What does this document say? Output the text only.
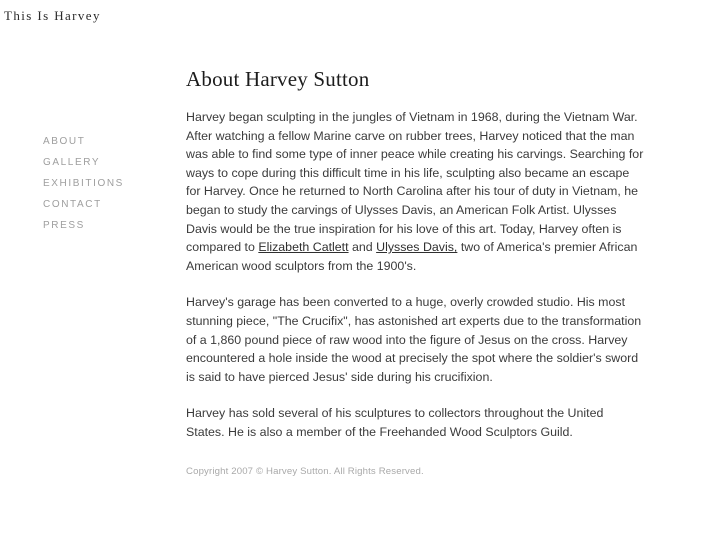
This Is Harvey
ABOUT
GALLERY
EXHIBITIONS
CONTACT
PRESS
About Harvey Sutton

Harvey began sculpting in the jungles of Vietnam in 1968, during the Vietnam War. After watching a fellow Marine carve on rubber trees, Harvey noticed that the man was able to find some type of inner peace while creating his carvings. Searching for ways to cope during this difficult time in his life, sculpting also became an escape for Harvey. Once he returned to North Carolina after his tour of duty in Vietnam, he began to study the carvings of Ulysses Davis, an American Folk Artist. Ulysses Davis would be the true inspiration for his love of this art. Today, Harvey often is compared to Elizabeth Catlett and Ulysses Davis, two of America's premier African American wood sculptors from the 1900's.

Harvey's garage has been converted to a huge, overly crowded studio. His most stunning piece, "The Crucifix", has astonished art experts due to the transformation of a 1,860 pound piece of raw wood into the figure of Jesus on the cross. Harvey encountered a hole inside the wood at precisely the spot where the soldier's sword is said to have pierced Jesus' side during his crucifixion.

Harvey has sold several of his sculptures to collectors throughout the United States. He is also a member of the Freehanded Wood Sculptors Guild.

Copyright 2007 © Harvey Sutton. All Rights Reserved.
